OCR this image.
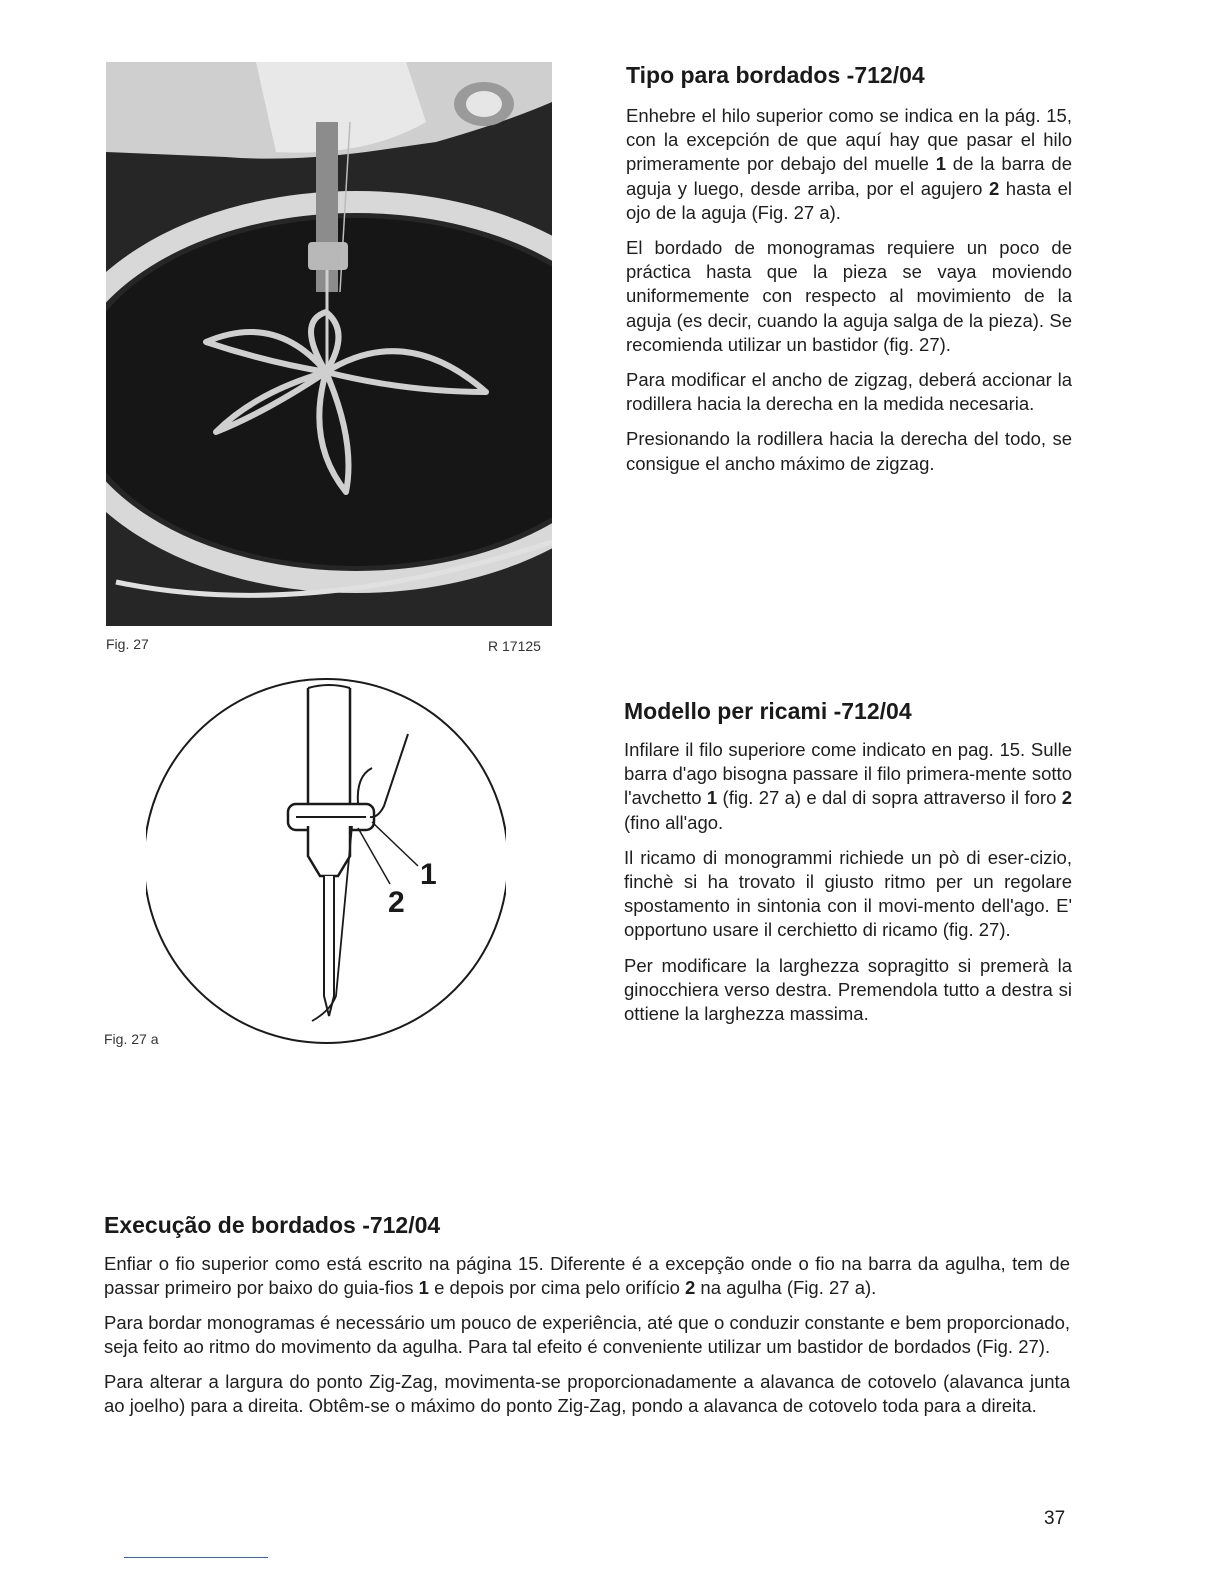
Fig. 27	R 17125
1
2
Fig. 27 a
Tipo para bordados -712/04

Enhebre el hilo superior como se indica en la pág. 15, con la excepción de que aquí hay que pasar el hilo primeramente por debajo del muelle 1 de la barra de aguja y luego, desde arriba, por el agujero 2 hasta el ojo de la aguja (Fig. 27 a).

El bordado de monogramas requiere un poco de práctica hasta que la pieza se vaya moviendo uniformemente con respecto al movimiento de la aguja (es decir, cuando la aguja salga de la pieza). Se recomienda utilizar un bastidor (fig. 27).

Para modificar el ancho de zigzag, deberá accionar la rodillera hacia la derecha en la medida necesaria.

Presionando la rodillera hacia la derecha del todo, se consigue el ancho máximo de zigzag.

Modello per ricami -712/04

Infilare il filo superiore come indicato en pag. 15. Sulle barra d'ago bisogna passare il filo primera-mente sotto l'avchetto 1 (fig. 27 a) e dal di sopra attraverso il foro 2 (fino all'ago.

Il ricamo di monogrammi richiede un pò di eser-cizio, finchè si ha trovato il giusto ritmo per un regolare spostamento in sintonia con il movi-mento dell'ago. E' opportuno usare il cerchietto di ricamo (fig. 27).

Per modificare la larghezza sopragitto si premerà la ginocchiera verso destra. Premendola tutto a destra si ottiene la larghezza massima.

Execução de bordados -712/04

Enfiar o fio superior como está escrito na página 15. Diferente é a excepção onde o fio na barra da agulha, tem de passar primeiro por baixo do guia-fios 1 e depois por cima pelo orifício 2 na agulha (Fig. 27 a).

Para bordar monogramas é necessário um pouco de experiência, até que o conduzir constante e bem proporcionado, seja feito ao ritmo do movimento da agulha. Para tal efeito é conveniente utilizar um bastidor de bordados (Fig. 27).

Para alterar a largura do ponto Zig-Zag, movimenta-se proporcionadamente a alavanca de cotovelo (alavanca junta ao joelho) para a direita. Obtêm-se o máximo do ponto Zig-Zag, pondo a alavanca de cotovelo toda para a direita.

37
